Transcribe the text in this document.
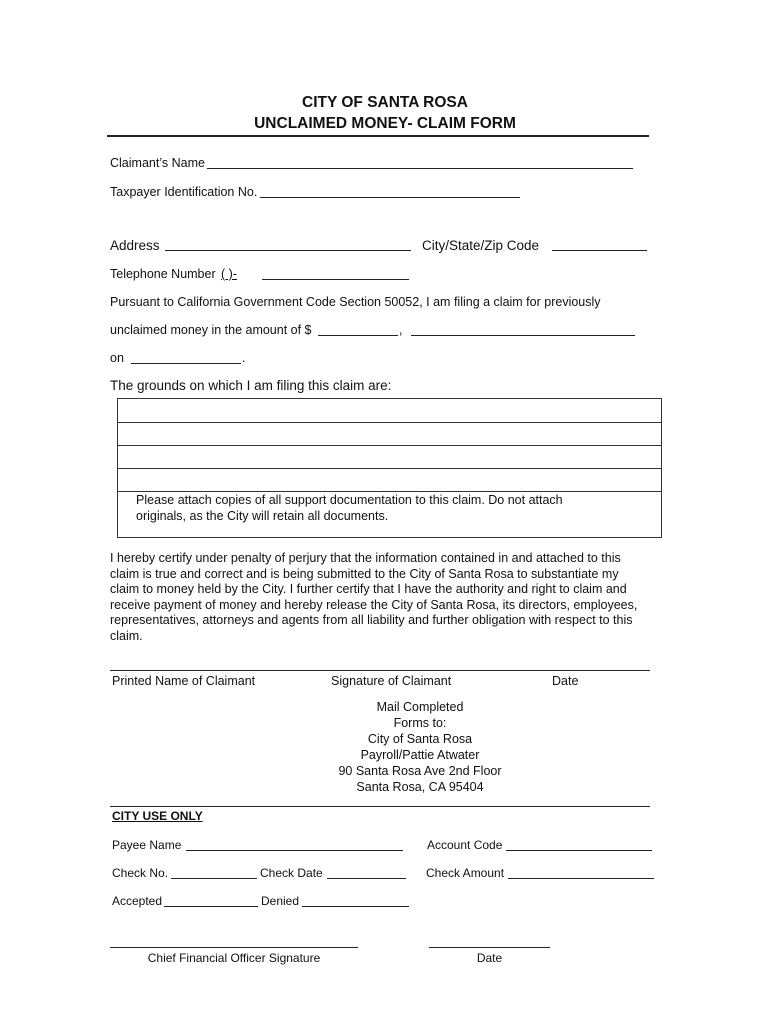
CITY OF SANTA ROSA
UNCLAIMED MONEY- CLAIM FORM
Claimant’s Name
Taxpayer Identification No.
Address	City/State/Zip Code
Telephone Number ( )-
Pursuant to California Government Code Section 50052, I am filing a claim for previously
unclaimed money in the amount of $	,
on	.
The grounds on which I am filing this claim are:
Please attach copies of all support documentation to this claim. Do not attach
originals, as the City will retain all documents.
I hereby certify under penalty of perjury that the information contained in and attached to this claim is true and correct and is being submitted to the City of Santa Rosa to substantiate my claim to money held by the City. I further certify that I have the authority and right to claim and receive payment of money and hereby release the City of Santa Rosa, its directors, employees, representatives, attorneys and agents from all liability and further obligation with respect to this claim.
Printed Name of Claimant	Signature of Claimant	Date
Mail Completed
Forms to:
City of Santa Rosa
Payroll/Pattie Atwater
90 Santa Rosa Ave 2nd Floor
Santa Rosa, CA 95404
CITY USE ONLY
Payee Name	Account Code
Check No.	Check Date	Check Amount
Accepted	Denied
Chief Financial Officer Signature	Date
